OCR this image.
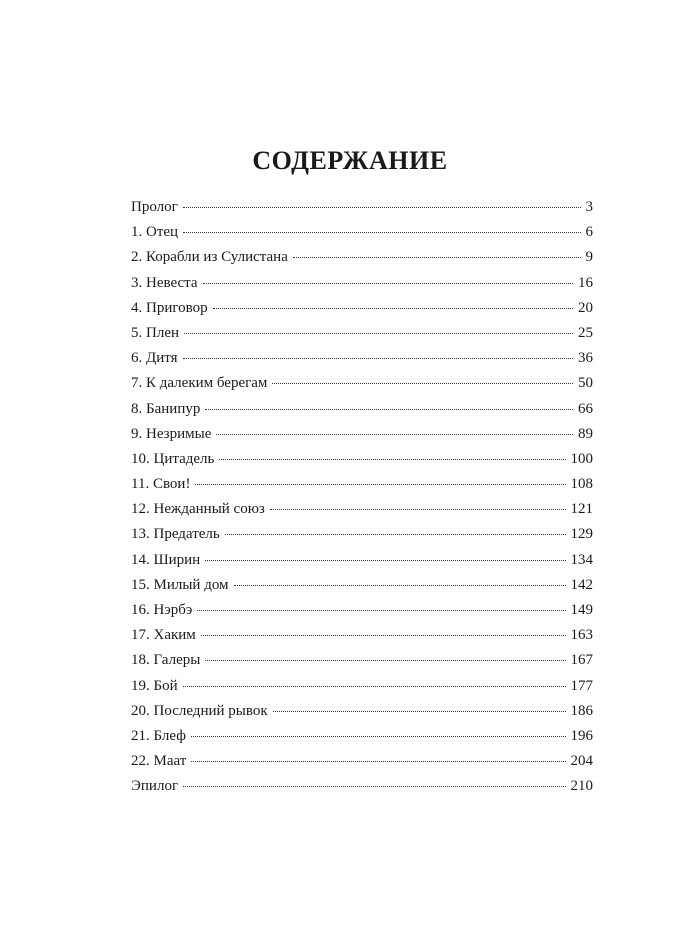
СОДЕРЖАНИЕ
Пролог	3
1. Отец	6
2. Корабли из Сулистана	9
3. Невеста	16
4. Приговор	20
5. Плен	25
6. Дитя	36
7. К далеким берегам	50
8. Банипур	66
9. Незримые	89
10. Цитадель	100
11. Свои!	108
12. Нежданный союз	121
13. Предатель	129
14. Ширин	134
15. Милый дом	142
16. Нэрбэ	149
17. Хаким	163
18. Галеры	167
19. Бой	177
20. Последний рывок	186
21. Блеф	196
22. Маат	204
Эпилог	210
